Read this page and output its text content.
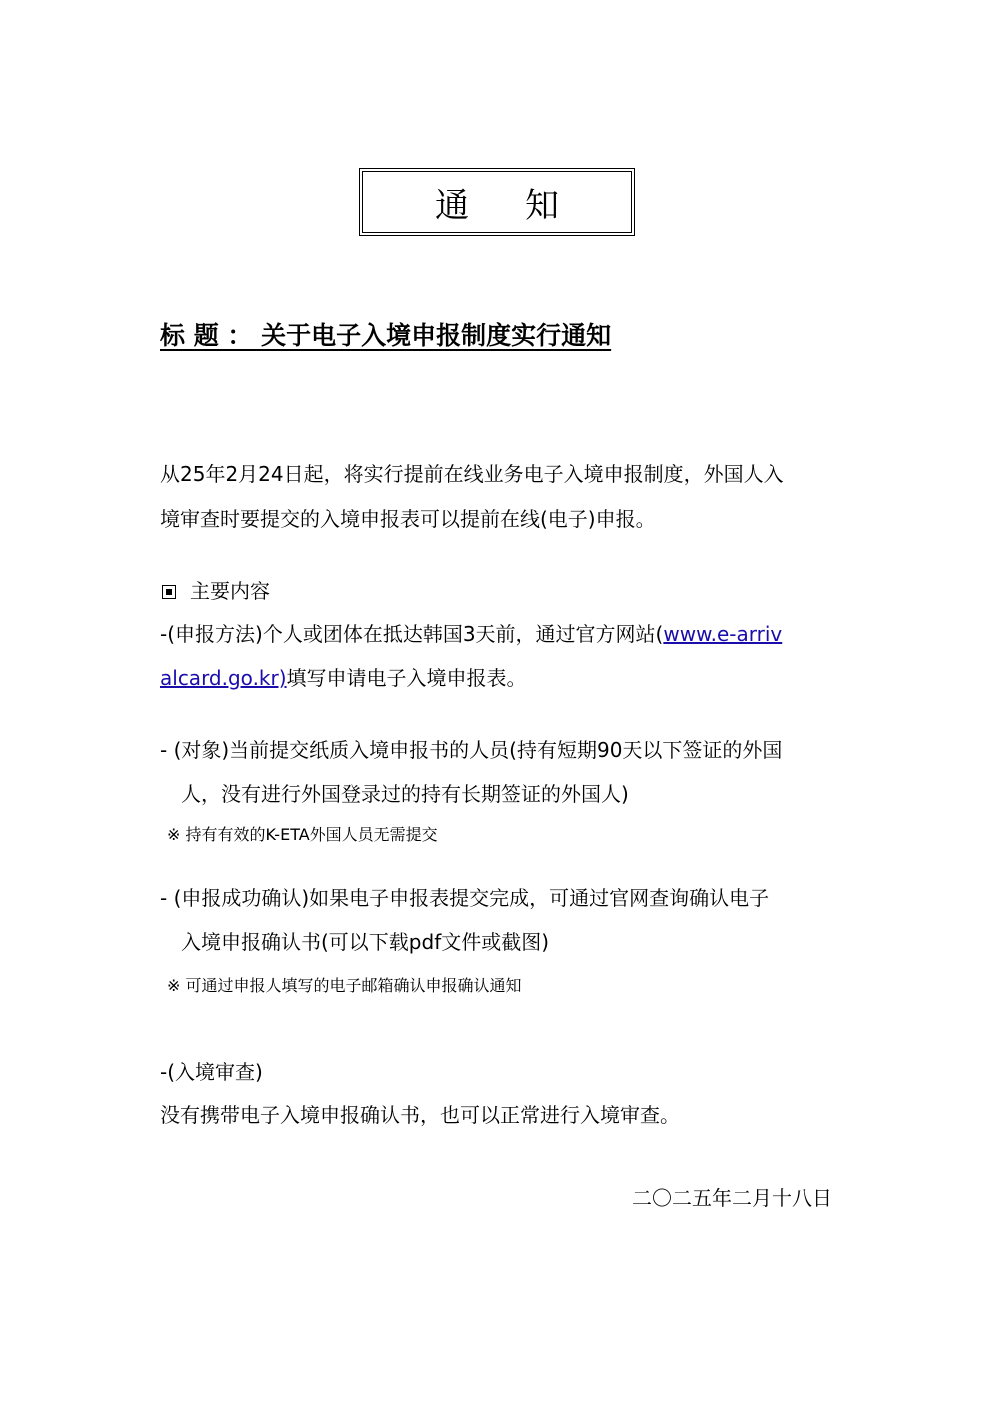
通 知
标 题 ： 关于电子入境申报制度实行通知
从25年2月24日起，将实行提前在线业务电子入境申报制度，外国人入
境审查时要提交的入境申报表可以提前在线(电子)申报。
主要内容
-(申报方法)个人或团体在抵达韩国3天前，通过官方网站(www.e-arriv
alcard.go.kr)填写申请电子入境申报表。
- (对象)当前提交纸质入境申报书的人员(持有短期90天以下签证的外国
人，没有进行外国登录过的持有长期签证的外国人)
※ 持有有效的K-ETA外国人员无需提交
- (申报成功确认)如果电子申报表提交完成，可通过官网查询确认电子
入境申报确认书(可以下载pdf文件或截图)
※ 可通过申报人填写的电子邮箱确认申报确认通知
-(入境审查)
没有携带电子入境申报确认书，也可以正常进行入境审查。
二〇二五年二月十八日
